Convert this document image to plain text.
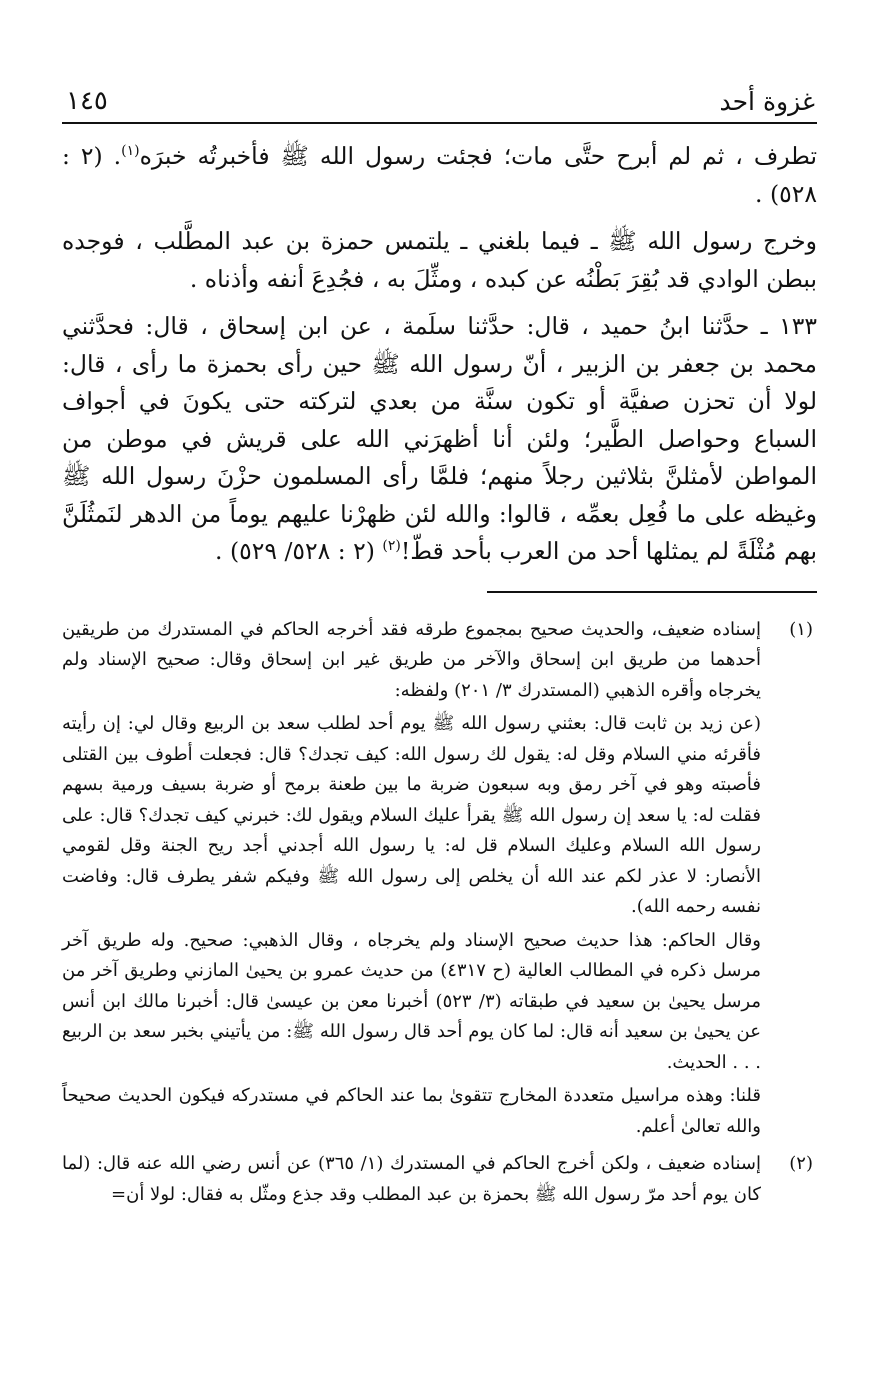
غزوة أحد
١٤٥

تطرف ، ثم لم أبرح حتَّى مات؛ فجئت رسول الله ﷺ فأخبرتُه خبرَه$^{(١)}$. (٢ : ٥٢٨) .

وخرج رسول الله ﷺ ـ فيما بلغني ـ يلتمس حمزة بن عبد المطَّلب ، فوجده ببطن الوادي قد بُقِرَ بَطْنُه عن كبده ، ومثِّلَ به ، فجُدِعَ أنفه وأذناه .

١٣٣ ـ حدَّثنا ابنُ حميد ، قال: حدَّثنا سلَمة ، عن ابن إسحاق ، قال: فحدَّثني محمد بن جعفر بن الزبير ، أنّ رسول الله ﷺ حين رأى بحمزة ما رأى ، قال: لولا أن تحزن صفيَّة أو تكون سنَّة من بعدي لتركته حتى يكونَ في أجواف السباع وحواصل الطَّير؛ ولئن أنا أظهرَني الله على قريش في موطن من المواطن لأمثلنَّ بثلاثين رجلاً منهم؛ فلمَّا رأى المسلمون حزْنَ رسول الله ﷺ وغيظه على ما فُعِل بعمِّه ، قالوا: والله لئن ظهرْنا عليهم يوماً من الدهر لنَمثُلَنَّ بهم مُثْلَةً لم يمثلها أحد من العرب بأحد قطّ!$^{(٢)}$ (٢ : ٥٢٨/ ٥٢٩) .

(١)

إسناده ضعيف، والحديث صحيح بمجموع طرقه فقد أخرجه الحاكم في المستدرك من طريقين أحدهما من طريق ابن إسحاق والآخر من طريق غير ابن إسحاق وقال: صحيح الإسناد ولم يخرجاه وأقره الذهبي (المستدرك ٣/ ٢٠١) ولفظه:

(عن زيد بن ثابت قال: بعثني رسول الله ﷺ يوم أحد لطلب سعد بن الربيع وقال لي: إن رأيته فأقرئه مني السلام وقل له: يقول لك رسول الله: كيف تجدك؟ قال: فجعلت أطوف بين القتلى فأصبته وهو في آخر رمق وبه سبعون ضربة ما بين طعنة برمح أو ضربة بسيف ورمية بسهم فقلت له: يا سعد إن رسول الله ﷺ يقرأ عليك السلام ويقول لك: خبرني كيف تجدك؟ قال: على رسول الله السلام وعليك السلام قل له: يا رسول الله أجدني أجد ريح الجنة وقل لقومي الأنصار: لا عذر لكم عند الله أن يخلص إلى رسول الله ﷺ وفيكم شفر يطرف قال: وفاضت نفسه رحمه الله).

وقال الحاكم: هذا حديث صحيح الإسناد ولم يخرجاه ، وقال الذهبي: صحيح. وله طريق آخر مرسل ذكره في المطالب العالية (ح ٤٣١٧) من حديث عمرو بن يحيىٰ المازني وطريق آخر من مرسل يحيىٰ بن سعيد في طبقاته (٣/ ٥٢٣) أخبرنا معن بن عيسىٰ قال: أخبرنا مالك ابن أنس عن يحيىٰ بن سعيد أنه قال: لما كان يوم أحد قال رسول الله ﷺ: من يأتيني بخبر سعد بن الربيع . . . الحديث.

قلنا: وهذه مراسيل متعددة المخارج تتقوىٰ بما عند الحاكم في مستدركه فيكون الحديث صحيحاً والله تعالىٰ أعلم.

(٢)

إسناده ضعيف ، ولكن أخرج الحاكم في المستدرك (١/ ٣٦٥) عن أنس رضي الله عنه قال: (لما كان يوم أحد مرّ رسول الله ﷺ بحمزة بن عبد المطلب وقد جذع ومثّل به فقال: لولا أن=
